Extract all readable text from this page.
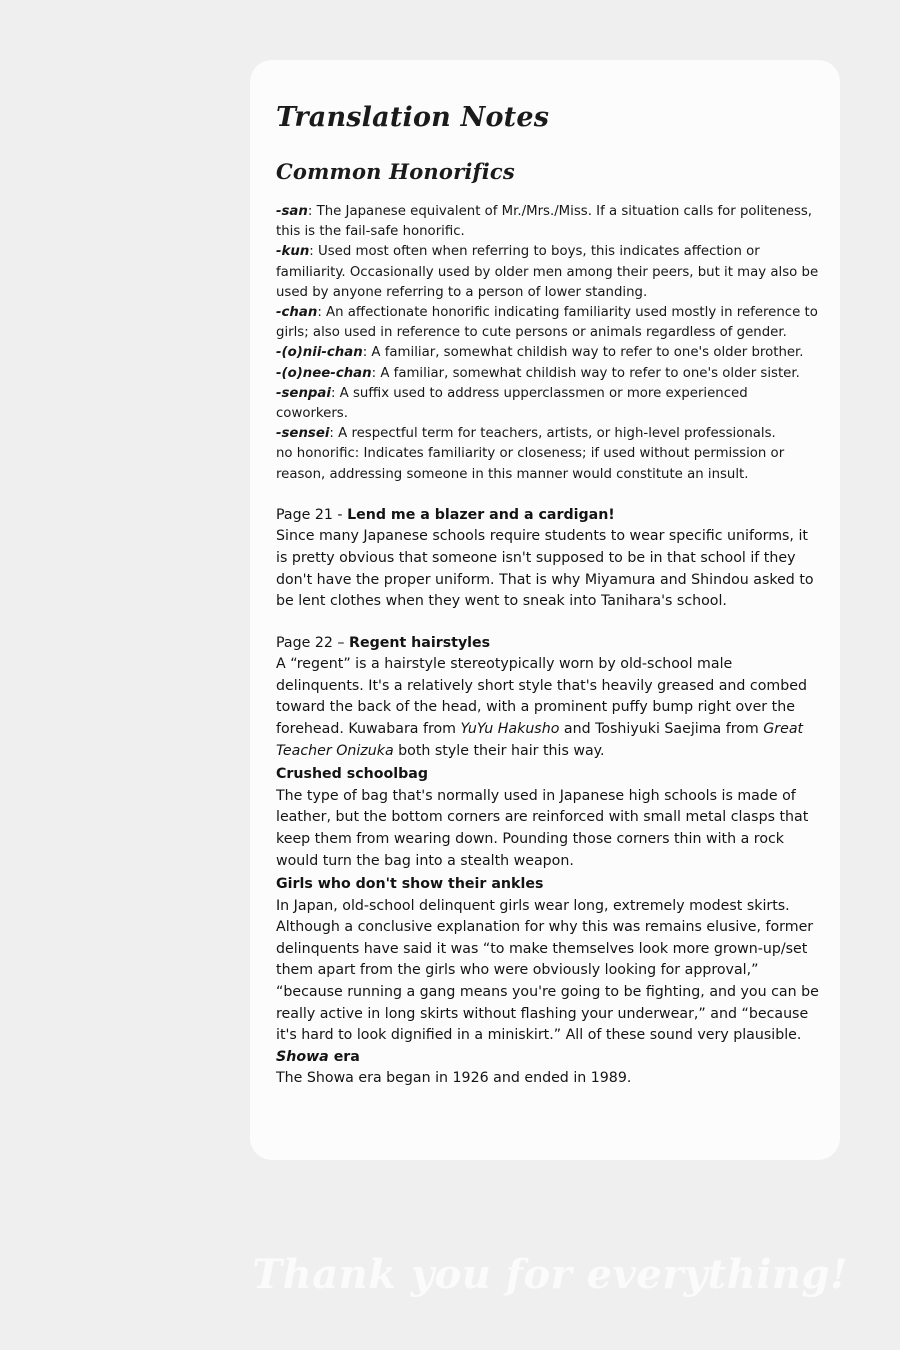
Translation Notes
Common Honorifics

-san: The Japanese equivalent of Mr./Mrs./Miss. If a situation calls for politeness, this is the fail-safe honorific.

-kun: Used most often when referring to boys, this indicates affection or familiarity. Occasionally used by older men among their peers, but it may also be used by anyone referring to a person of lower standing.

-chan: An affectionate honorific indicating familiarity used mostly in reference to girls; also used in reference to cute persons or animals regardless of gender.

-(o)nii-chan: A familiar, somewhat childish way to refer to one's older brother.

-(o)nee-chan: A familiar, somewhat childish way to refer to one's older sister.

-senpai: A suffix used to address upperclassmen or more experienced coworkers.

-sensei: A respectful term for teachers, artists, or high-level professionals.

no honorific: Indicates familiarity or closeness; if used without permission or reason, addressing someone in this manner would constitute an insult.

Page 21 - Lend me a blazer and a cardigan!

Since many Japanese schools require students to wear specific uniforms, it is pretty obvious that someone isn't supposed to be in that school if they don't have the proper uniform. That is why Miyamura and Shindou asked to be lent clothes when they went to sneak into Tanihara's school.

Page 22 – Regent hairstyles

A “regent” is a hairstyle stereotypically worn by old-school male delinquents. It's a relatively short style that's heavily greased and combed toward the back of the head, with a prominent puffy bump right over the forehead. Kuwabara from YuYu Hakusho and Toshiyuki Saejima from Great Teacher Onizuka both style their hair this way.

Crushed schoolbag

The type of bag that's normally used in Japanese high schools is made of leather, but the bottom corners are reinforced with small metal clasps that keep them from wearing down. Pounding those corners thin with a rock would turn the bag into a stealth weapon.

Girls who don't show their ankles

In Japan, old-school delinquent girls wear long, extremely modest skirts. Although a conclusive explanation for why this was remains elusive, former delinquents have said it was “to make themselves look more grown-up/set them apart from the girls who were obviously looking for approval,” “because running a gang means you're going to be fighting, and you can be really active in long skirts without flashing your underwear,” and “because it's hard to look dignified in a miniskirt.” All of these sound very plausible.

Showa era

The Showa era began in 1926 and ended in 1989.

Thank you for everything!
